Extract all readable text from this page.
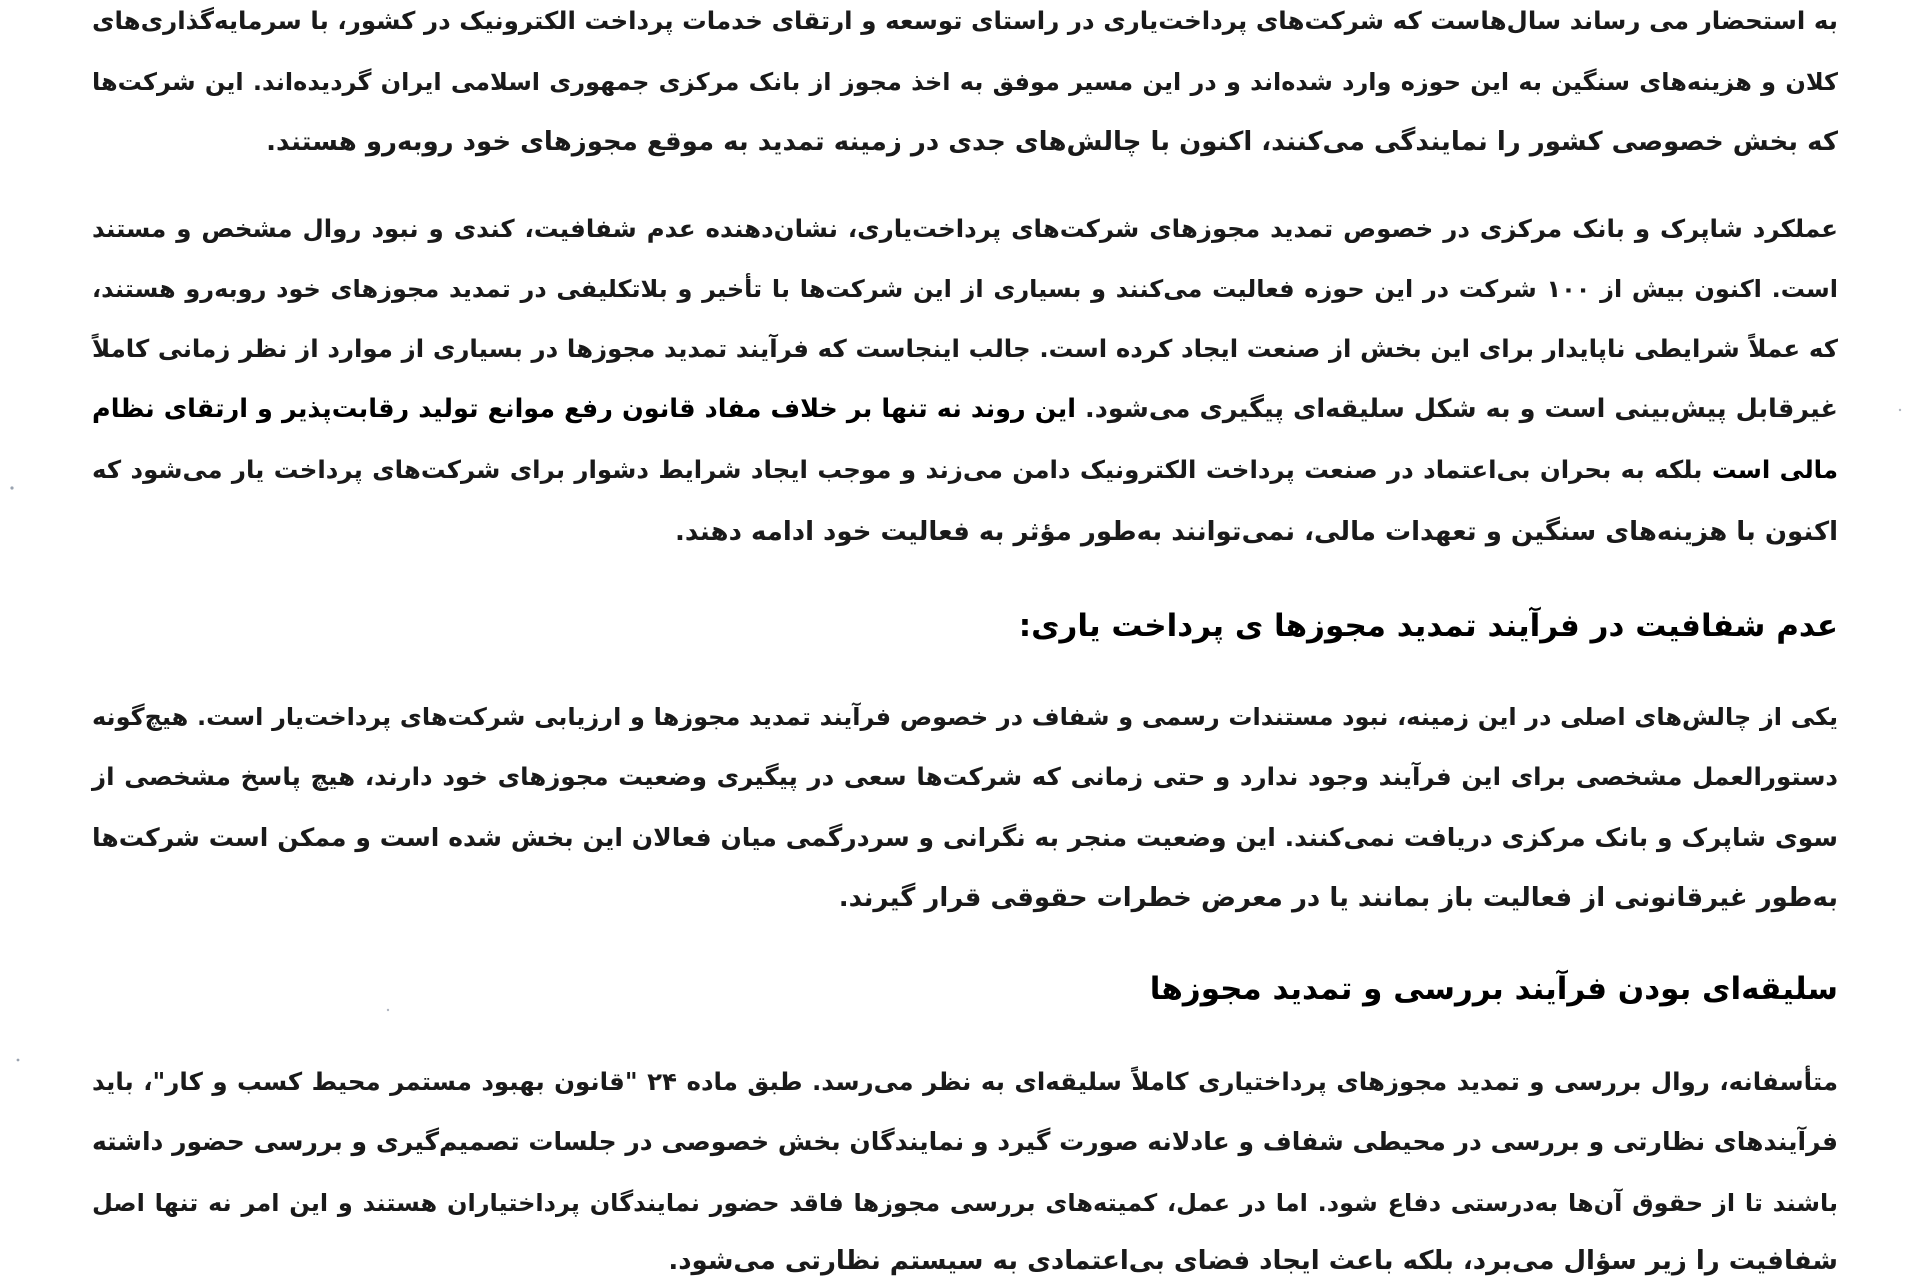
به استحضار می رساند سال‌هاست که شرکت‌های پرداخت‌یاری در راستای توسعه و ارتقای خدمات پرداخت الکترونیک در کشور، با سرمایه‌گذاری‌های
کلان و هزینه‌های سنگین به این حوزه وارد شده‌اند و در این مسیر موفق به اخذ مجوز از بانک مرکزی جمهوری اسلامی ایران گردیده‌اند. این شرکت‌ها
که بخش خصوصی کشور را نمایندگی می‌کنند، اکنون با چالش‌های جدی در زمینه تمدید به موقع مجوزهای خود روبه‌رو هستند.
عملکرد شاپرک و بانک مرکزی در خصوص تمدید مجوزهای شرکت‌های پرداخت‌یاری، نشان‌دهنده عدم شفافیت، کندی و نبود روال مشخص و مستند
است. اکنون بیش از ۱۰۰ شرکت در این حوزه فعالیت می‌کنند و بسیاری از این شرکت‌ها با تأخیر و بلاتکلیفی در تمدید مجوزهای خود روبه‌رو هستند،
که عملاً شرایطی ناپایدار برای این بخش از صنعت ایجاد کرده است. جالب اینجاست که فرآیند تمدید مجوزها در بسیاری از موارد از نظر زمانی کاملاً
غیرقابل پیش‌بینی است و به شکل سلیقه‌ای پیگیری می‌شود. این روند نه تنها بر خلاف مفاد قانون رفع موانع تولید رقابت‌پذیر و ارتقای نظام
مالی است بلکه به بحران بی‌اعتماد در صنعت پرداخت الکترونیک دامن می‌زند و موجب ایجاد شرایط دشوار برای شرکت‌های پرداخت یار می‌شود که
اکنون با هزینه‌های سنگین و تعهدات مالی، نمی‌توانند به‌طور مؤثر به فعالیت خود ادامه دهند.
عدم شفافیت در فرآیند تمدید مجوزها ی پرداخت یاری:
یکی از چالش‌های اصلی در این زمینه، نبود مستندات رسمی و شفاف در خصوص فرآیند تمدید مجوزها و ارزیابی شرکت‌های پرداخت‌یار است. هیچ‌گونه
دستورالعمل مشخصی برای این فرآیند وجود ندارد و حتی زمانی که شرکت‌ها سعی در پیگیری وضعیت مجوزهای خود دارند، هیچ پاسخ مشخصی از
سوی شاپرک و بانک مرکزی دریافت نمی‌کنند. این وضعیت منجر به نگرانی و سردرگمی میان فعالان این بخش شده است و ممکن است شرکت‌ها
به‌طور غیرقانونی از فعالیت باز بمانند یا در معرض خطرات حقوقی قرار گیرند.
سلیقه‌ای بودن فرآیند بررسی و تمدید مجوزها
متأسفانه، روال بررسی و تمدید مجوزهای پرداختیاری کاملاً سلیقه‌ای به نظر می‌رسد. طبق ماده ۲۴ "قانون بهبود مستمر محیط کسب و کار"، باید
فرآیندهای نظارتی و بررسی در محیطی شفاف و عادلانه صورت گیرد و نمایندگان بخش خصوصی در جلسات تصمیم‌گیری و بررسی حضور داشته
باشند تا از حقوق آن‌ها به‌درستی دفاع شود. اما در عمل، کمیته‌های بررسی مجوزها فاقد حضور نمایندگان پرداختیاران هستند و این امر نه تنها اصل
شفافیت را زیر سؤال می‌برد، بلکه باعث ایجاد فضای بی‌اعتمادی به سیستم نظارتی می‌شود.
